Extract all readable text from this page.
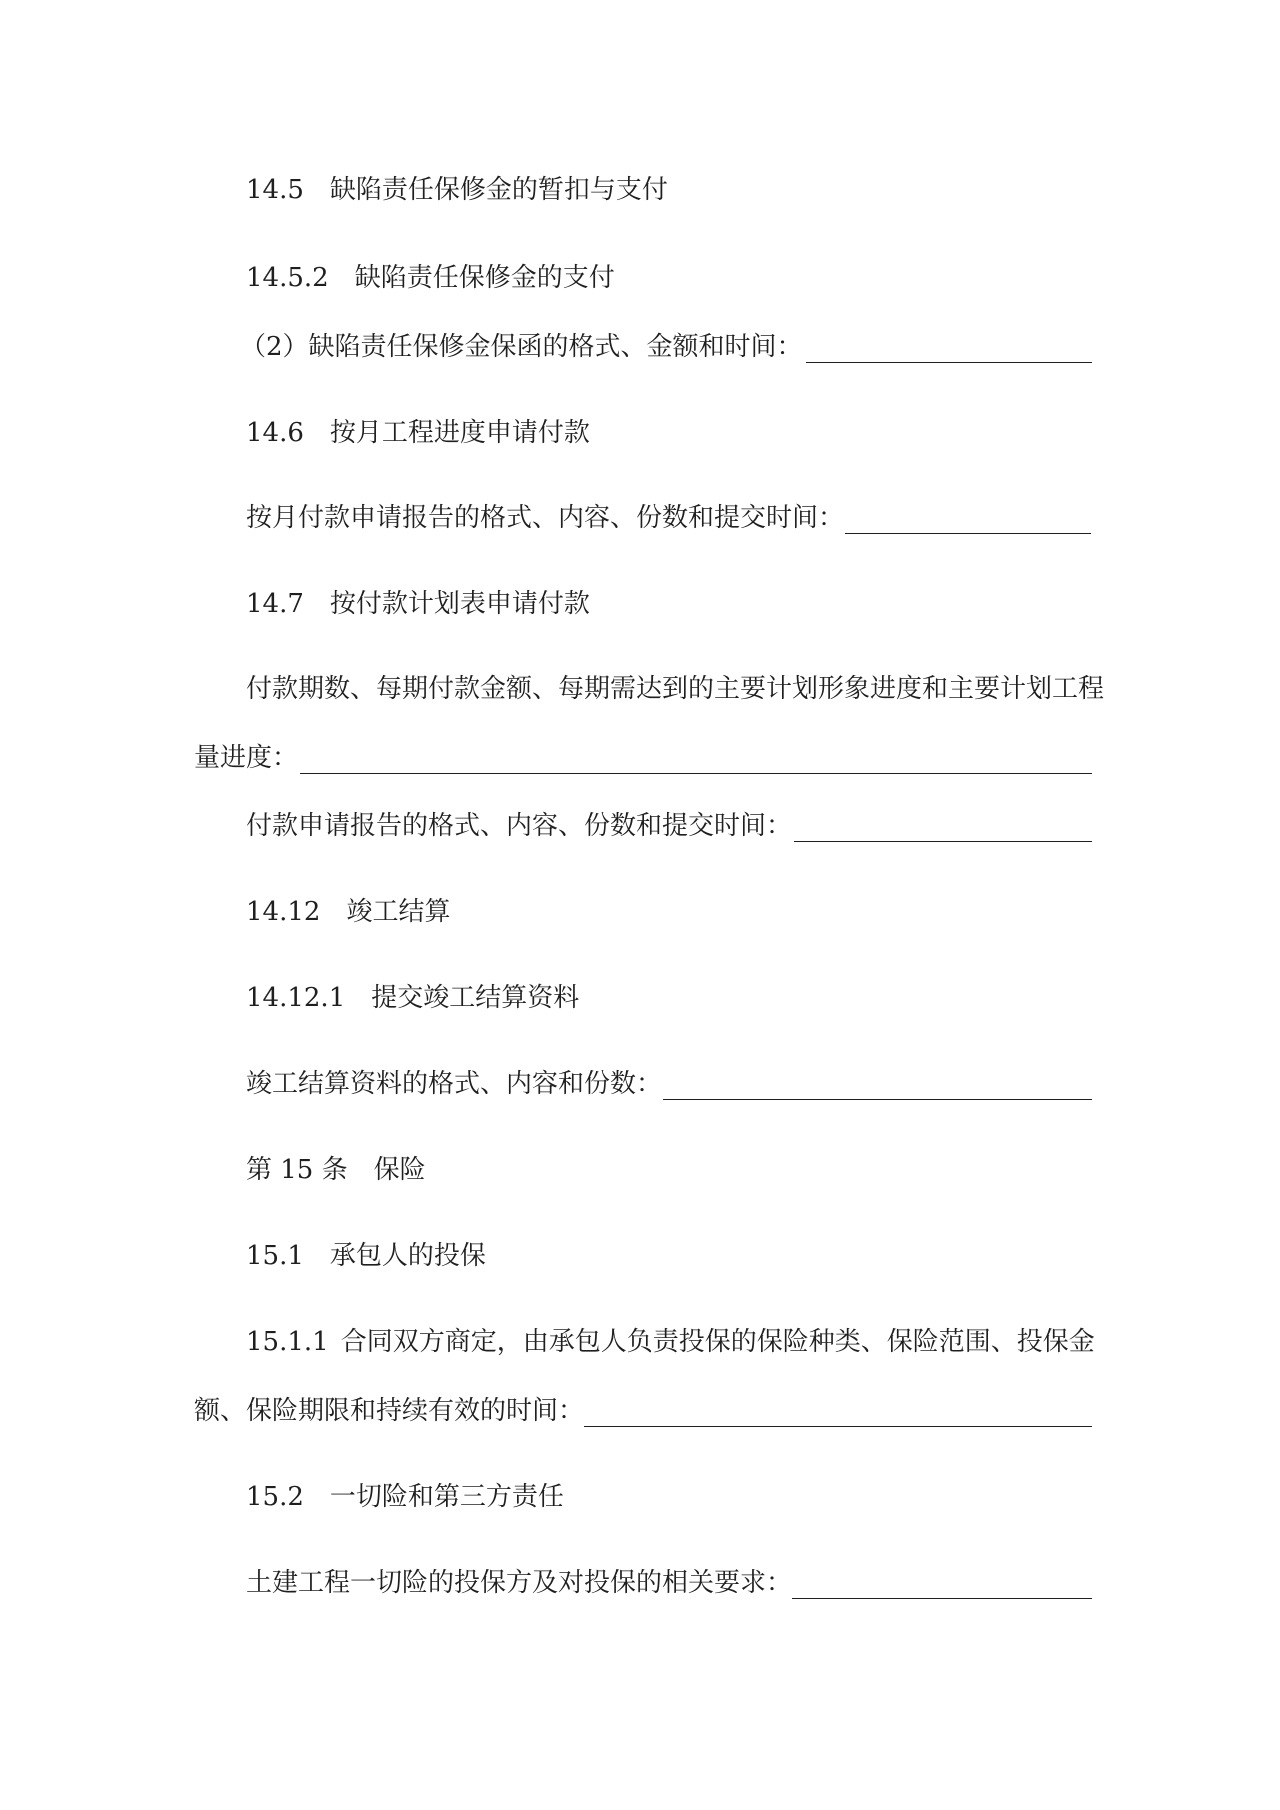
14.5 缺陷责任保修金的暂扣与支付
14.5.2 缺陷责任保修金的支付
（2）缺陷责任保修金保函的格式、金额和时间：
14.6 按月工程进度申请付款
按月付款申请报告的格式、内容、份数和提交时间：
14.7 按付款计划表申请付款
付款期数、每期付款金额、每期需达到的主要计划形象进度和主要计划工程
量进度：
付款申请报告的格式、内容、份数和提交时间：
14.12 竣工结算
14.12.1 提交竣工结算资料
竣工结算资料的格式、内容和份数：
第 15 条　保险
15.1 承包人的投保
15.1.1 合同双方商定，由承包人负责投保的保险种类、保险范围、投保金
额、保险期限和持续有效的时间：
15.2 一切险和第三方责任
土建工程一切险的投保方及对投保的相关要求：
